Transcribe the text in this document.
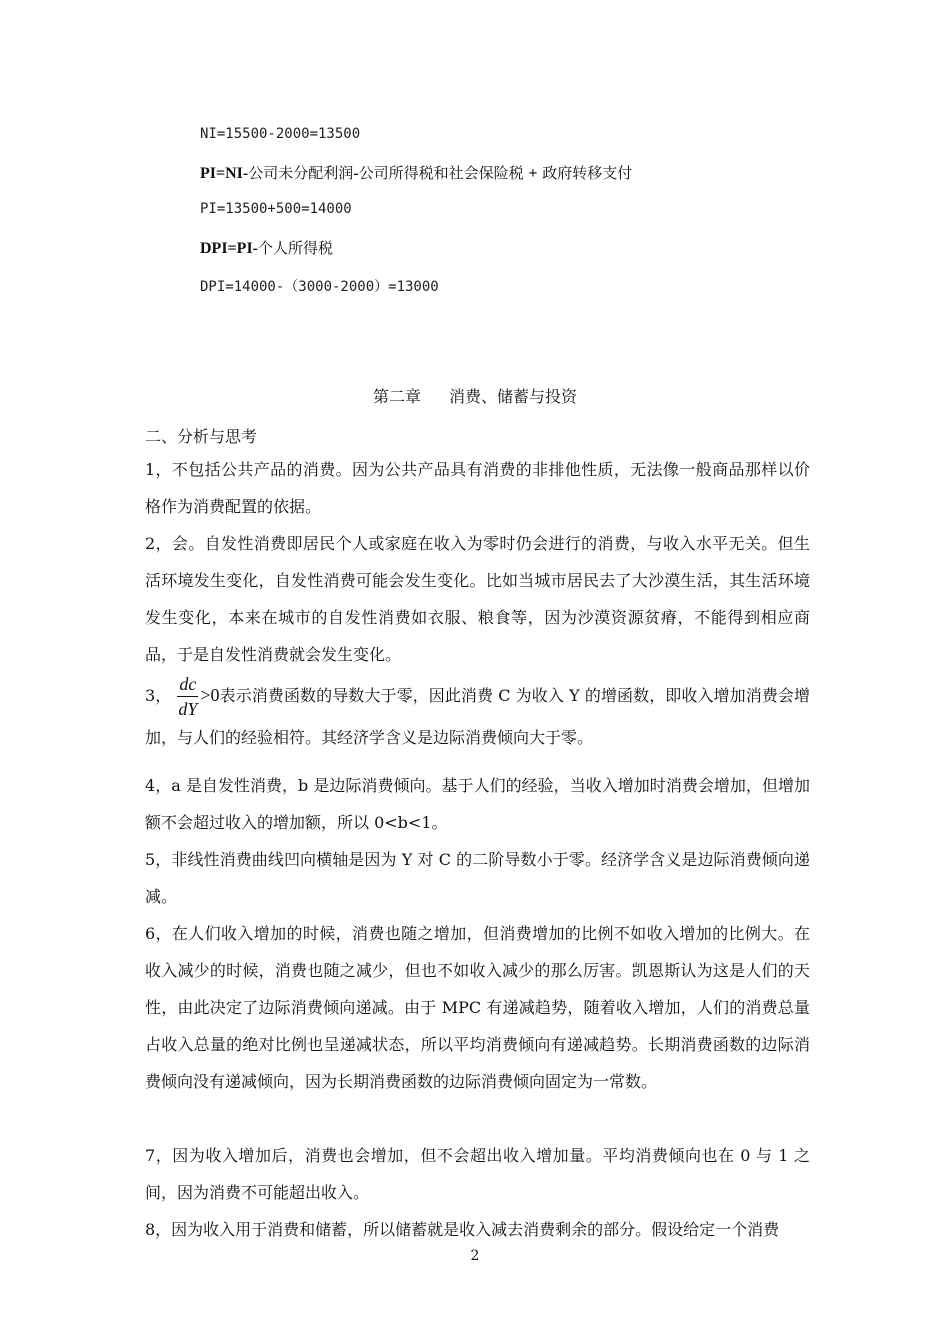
NI=15500-2000=13500
PI=NI-公司未分配利润-公司所得税和社会保险税 + 政府转移支付
PI=13500+500=14000
DPI=PI-个人所得税
DPI=14000-（3000-2000）=13000
第二章 消费、储蓄与投资
二、分析与思考

1，不包括公共产品的消费。因为公共产品具有消费的非排他性质，无法像一般商品那样以价格作为消费配置的依据。

2，会。自发性消费即居民个人或家庭在收入为零时仍会进行的消费，与收入水平无关。但生活环境发生变化，自发性消费可能会发生变化。比如当城市居民去了大沙漠生活，其生活环境发生变化，本来在城市的自发性消费如衣服、粮食等，因为沙漠资源贫瘠，不能得到相应商品，于是自发性消费就会发生变化。

3， $\frac{dc}{dY} >0$表示消费函数的导数大于零，因此消费 C 为收入 Y 的增函数，即收入增加消费会增加，与人们的经验相符。其经济学含义是边际消费倾向大于零。

4，a 是自发性消费，b 是边际消费倾向。基于人们的经验，当收入增加时消费会增加，但增加额不会超过收入的增加额，所以 0<b<1。

5，非线性消费曲线凹向横轴是因为 Y 对 C 的二阶导数小于零。经济学含义是边际消费倾向递减。

6，在人们收入增加的时候，消费也随之增加，但消费增加的比例不如收入增加的比例大。在收入减少的时候，消费也随之减少，但也不如收入减少的那么厉害。凯恩斯认为这是人们的天性，由此决定了边际消费倾向递减。由于 MPC 有递减趋势，随着收入增加，人们的消费总量占收入总量的绝对比例也呈递减状态，所以平均消费倾向有递减趋势。长期消费函数的边际消费倾向没有递减倾向，因为长期消费函数的边际消费倾向固定为一常数。

7，因为收入增加后，消费也会增加，但不会超出收入增加量。平均消费倾向也在 0 与 1 之间，因为消费不可能超出收入。

8，因为收入用于消费和储蓄，所以储蓄就是收入减去消费剩余的部分。假设给定一个消费

2
